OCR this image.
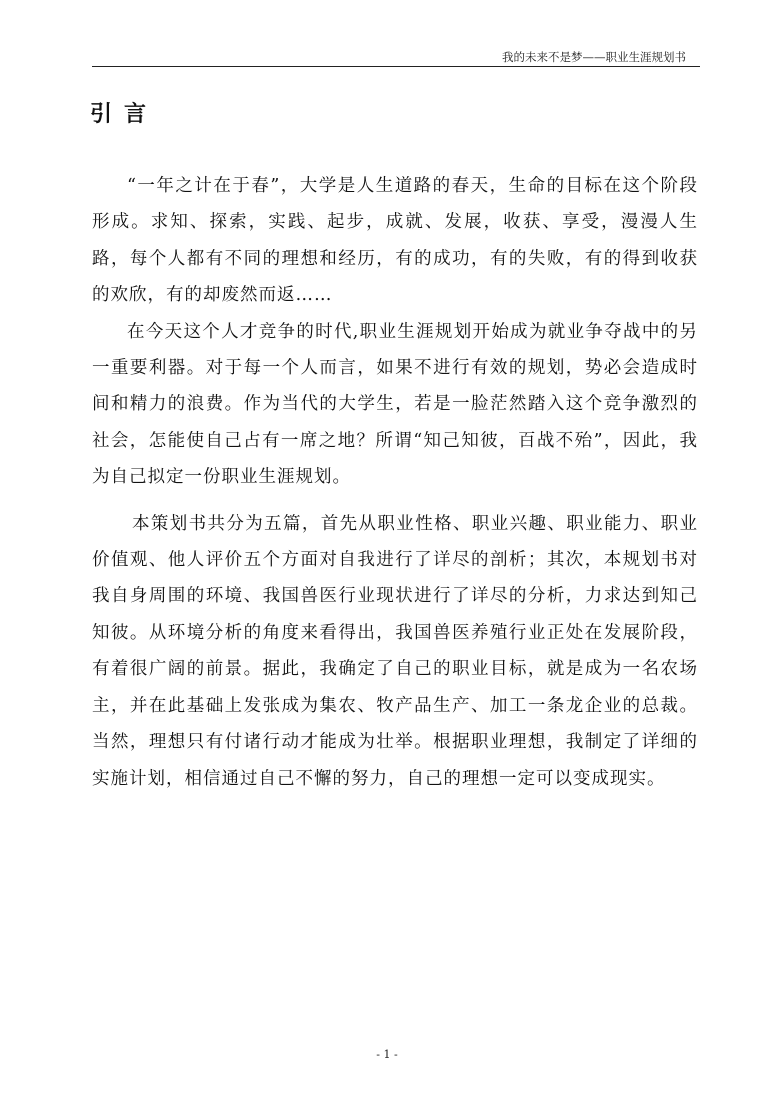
我的未来不是梦——职业生涯规划书
引言

“一年之计在于春”，大学是人生道路的春天，生命的目标在这个阶段形成。求知、探索，实践、起步，成就、发展，收获、享受，漫漫人生路，每个人都有不同的理想和经历，有的成功，有的失败，有的得到收获的欢欣，有的却废然而返……

在今天这个人才竞争的时代,职业生涯规划开始成为就业争夺战中的另一重要利器。对于每一个人而言，如果不进行有效的规划，势必会造成时间和精力的浪费。作为当代的大学生，若是一脸茫然踏入这个竞争激烈的社会，怎能使自己占有一席之地？所谓“知己知彼，百战不殆”，因此，我为自己拟定一份职业生涯规划。

本策划书共分为五篇，首先从职业性格、职业兴趣、职业能力、职业价值观、他人评价五个方面对自我进行了详尽的剖析；其次，本规划书对我自身周围的环境、我国兽医行业现状进行了详尽的分析，力求达到知己知彼。从环境分析的角度来看得出，我国兽医养殖行业正处在发展阶段，有着很广阔的前景。据此，我确定了自己的职业目标，就是成为一名农场主，并在此基础上发张成为集农、牧产品生产、加工一条龙企业的总裁。当然，理想只有付诸行动才能成为壮举。根据职业理想，我制定了详细的实施计划，相信通过自己不懈的努力，自己的理想一定可以变成现实。

- 1 -
